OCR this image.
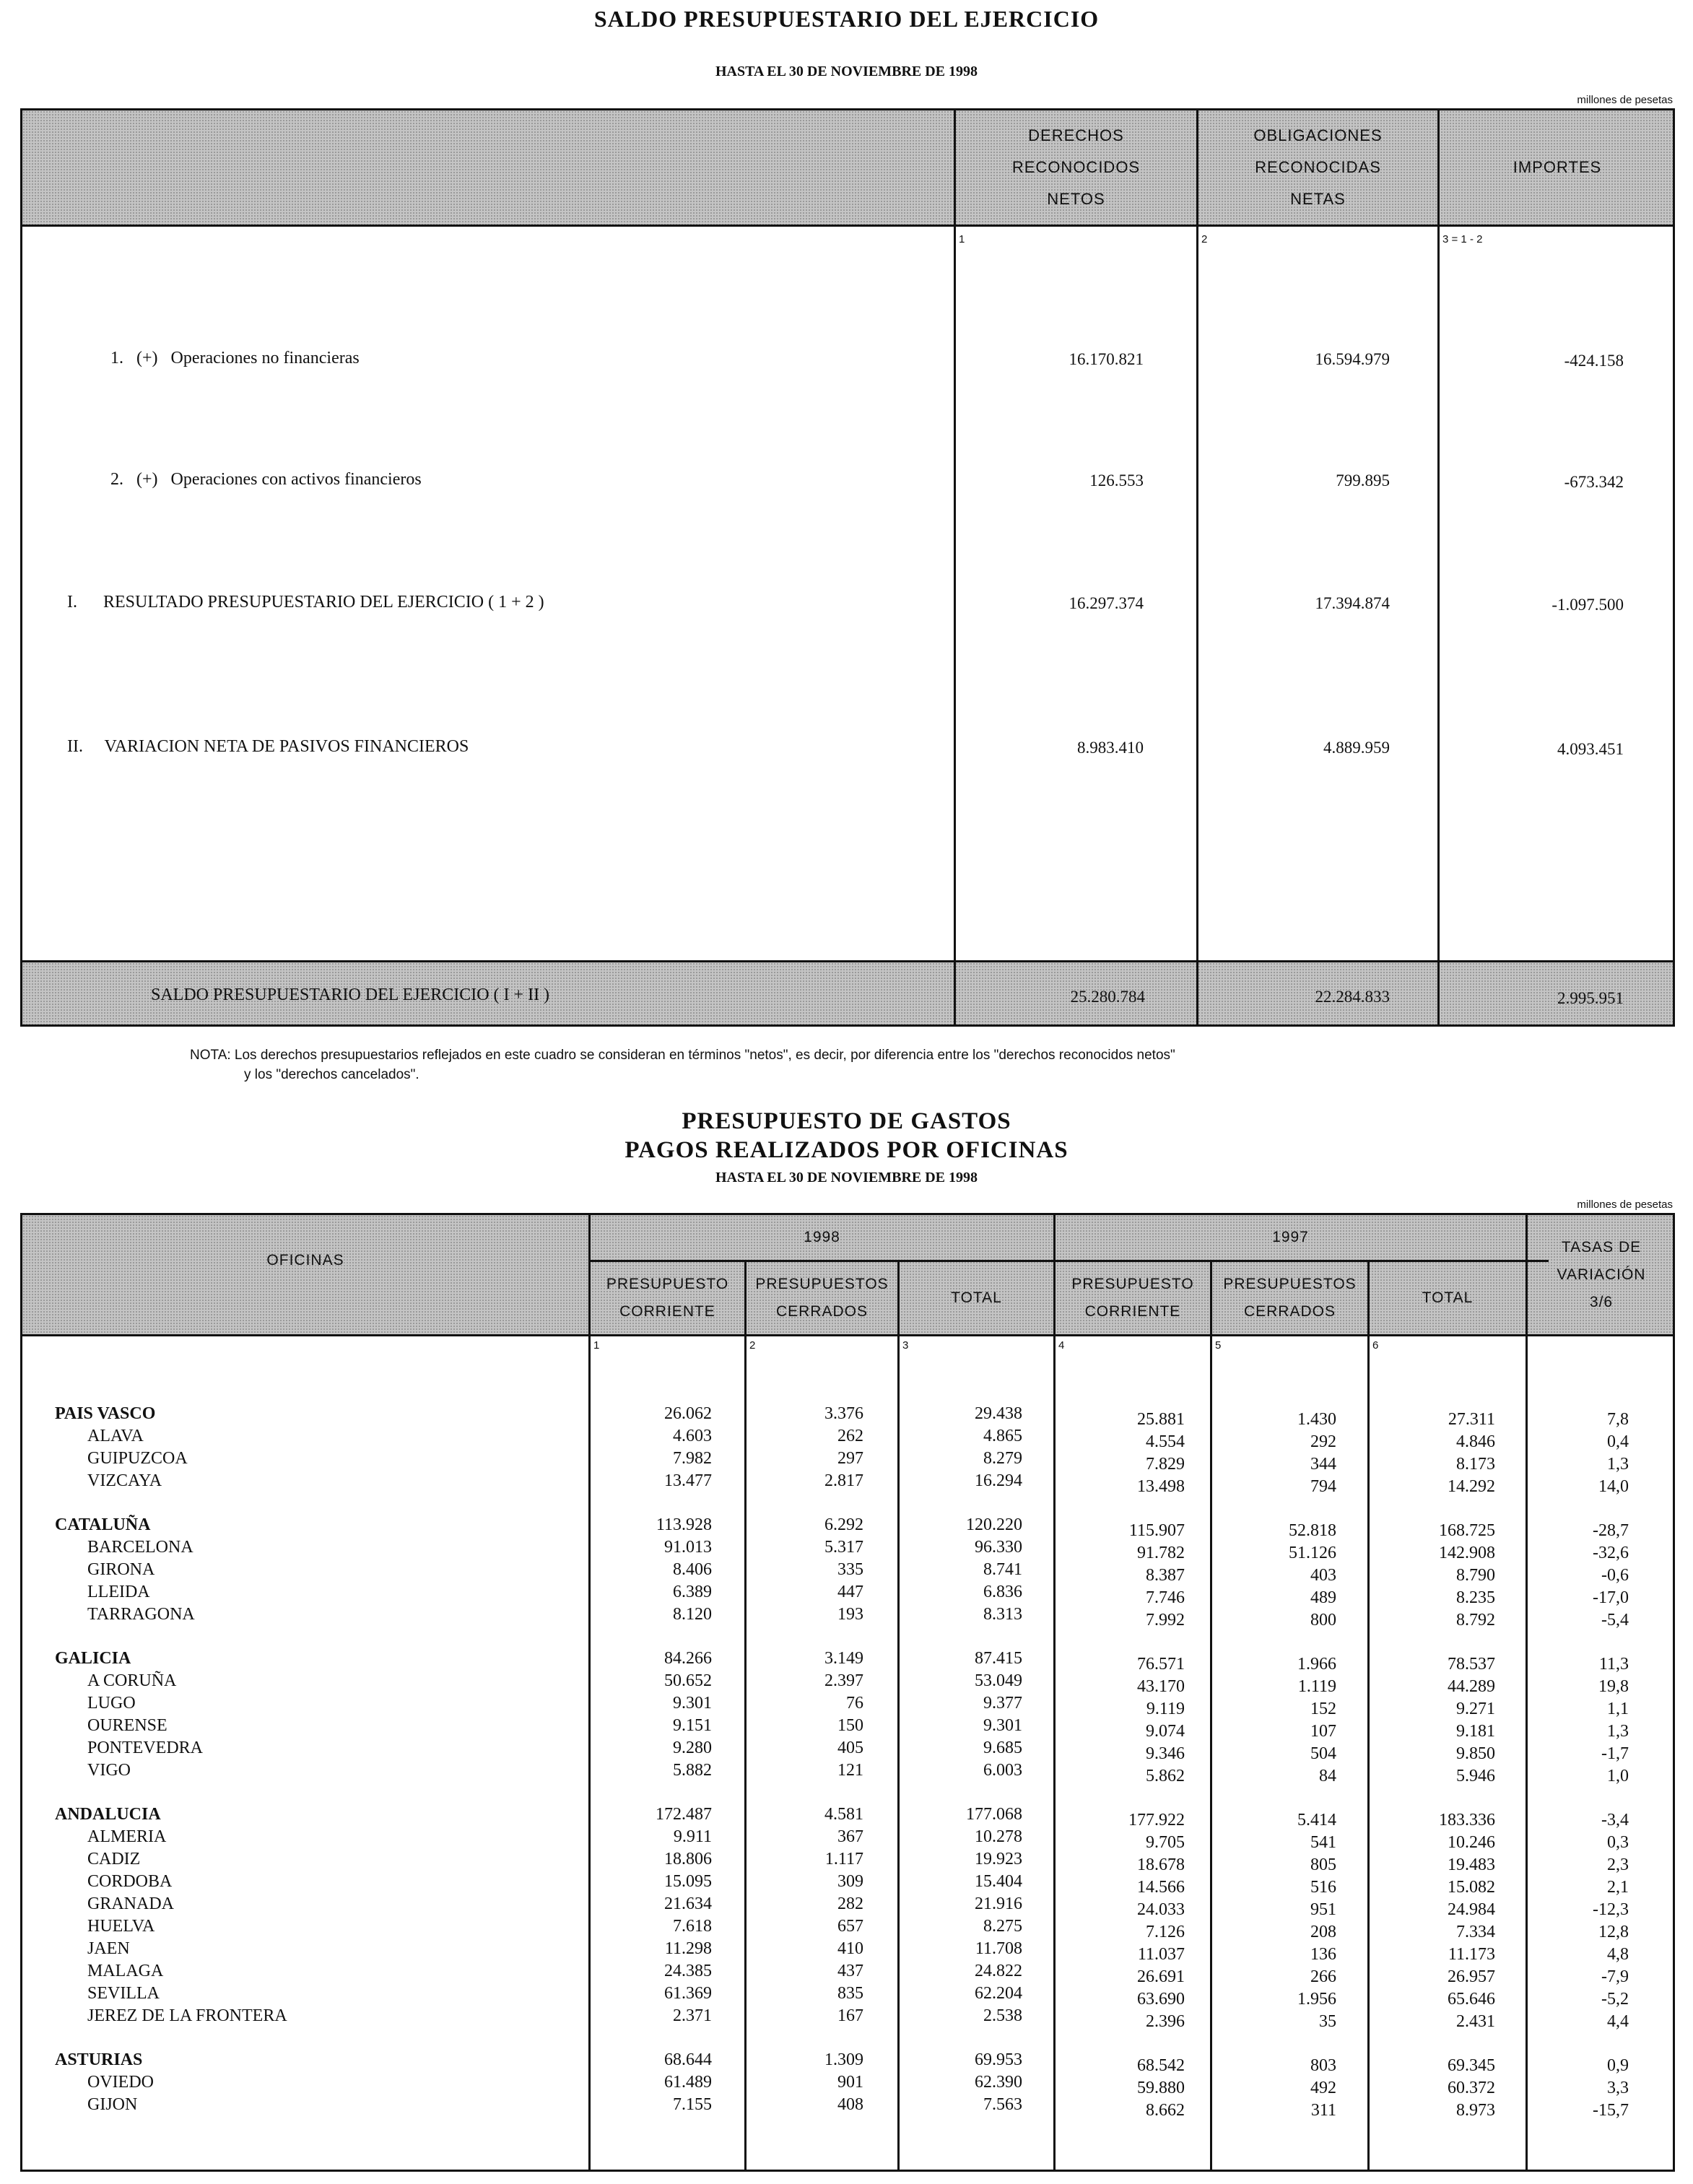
SALDO PRESUPUESTARIO DEL EJERCICIO
HASTA EL 30 DE NOVIEMBRE DE 1998
millones de pesetas
DERECHOS
RECONOCIDOS
NETOS
OBLIGACIONES
RECONOCIDAS
NETAS
IMPORTES
1	2	3 = 1 - 2
1.   (+)   Operaciones no financieras	16.170.821	16.594.979	-424.158
2.   (+)   Operaciones con activos financieros	126.553	799.895	-673.342
I.      RESULTADO PRESUPUESTARIO DEL EJERCICIO ( 1 + 2 )	16.297.374	17.394.874	-1.097.500
II.     VARIACION NETA DE PASIVOS FINANCIEROS	8.983.410	4.889.959	4.093.451
SALDO PRESUPUESTARIO DEL EJERCICIO ( I + II )	25.280.784	22.284.833	2.995.951
NOTA: Los derechos presupuestarios reflejados en este cuadro se consideran en términos "netos", es decir, por diferencia entre los "derechos reconocidos netos"
y los "derechos cancelados".
PRESUPUESTO DE GASTOS
PAGOS REALIZADOS POR OFICINAS
HASTA EL 30 DE NOVIEMBRE DE 1998
millones de pesetas
OFICINAS
1998	1997
TASAS DE
VARIACIÓN
3/6
PRESUPUESTO
CORRIENTE
PRESUPUESTOS
CERRADOS
TOTAL
PRESUPUESTO
CORRIENTE
PRESUPUESTOS
CERRADOS
TOTAL
1	2	3	4	5	6
PAIS VASCO	26.062	3.376	29.438	25.881	1.430	27.311	7,8
ALAVA	4.603	262	4.865	4.554	292	4.846	0,4
GUIPUZCOA	7.982	297	8.279	7.829	344	8.173	1,3
VIZCAYA	13.477	2.817	16.294	13.498	794	14.292	14,0
CATALUÑA	113.928	6.292	120.220	115.907	52.818	168.725	-28,7
BARCELONA	91.013	5.317	96.330	91.782	51.126	142.908	-32,6
GIRONA	8.406	335	8.741	8.387	403	8.790	-0,6
LLEIDA	6.389	447	6.836	7.746	489	8.235	-17,0
TARRAGONA	8.120	193	8.313	7.992	800	8.792	-5,4
GALICIA	84.266	3.149	87.415	76.571	1.966	78.537	11,3
A CORUÑA	50.652	2.397	53.049	43.170	1.119	44.289	19,8
LUGO	9.301	76	9.377	9.119	152	9.271	1,1
OURENSE	9.151	150	9.301	9.074	107	9.181	1,3
PONTEVEDRA	9.280	405	9.685	9.346	504	9.850	-1,7
VIGO	5.882	121	6.003	5.862	84	5.946	1,0
ANDALUCIA	172.487	4.581	177.068	177.922	5.414	183.336	-3,4
ALMERIA	9.911	367	10.278	9.705	541	10.246	0,3
CADIZ	18.806	1.117	19.923	18.678	805	19.483	2,3
CORDOBA	15.095	309	15.404	14.566	516	15.082	2,1
GRANADA	21.634	282	21.916	24.033	951	24.984	-12,3
HUELVA	7.618	657	8.275	7.126	208	7.334	12,8
JAEN	11.298	410	11.708	11.037	136	11.173	4,8
MALAGA	24.385	437	24.822	26.691	266	26.957	-7,9
SEVILLA	61.369	835	62.204	63.690	1.956	65.646	-5,2
JEREZ DE LA FRONTERA	2.371	167	2.538	2.396	35	2.431	4,4
ASTURIAS	68.644	1.309	69.953	68.542	803	69.345	0,9
OVIEDO	61.489	901	62.390	59.880	492	60.372	3,3
GIJON	7.155	408	7.563	8.662	311	8.973	-15,7
